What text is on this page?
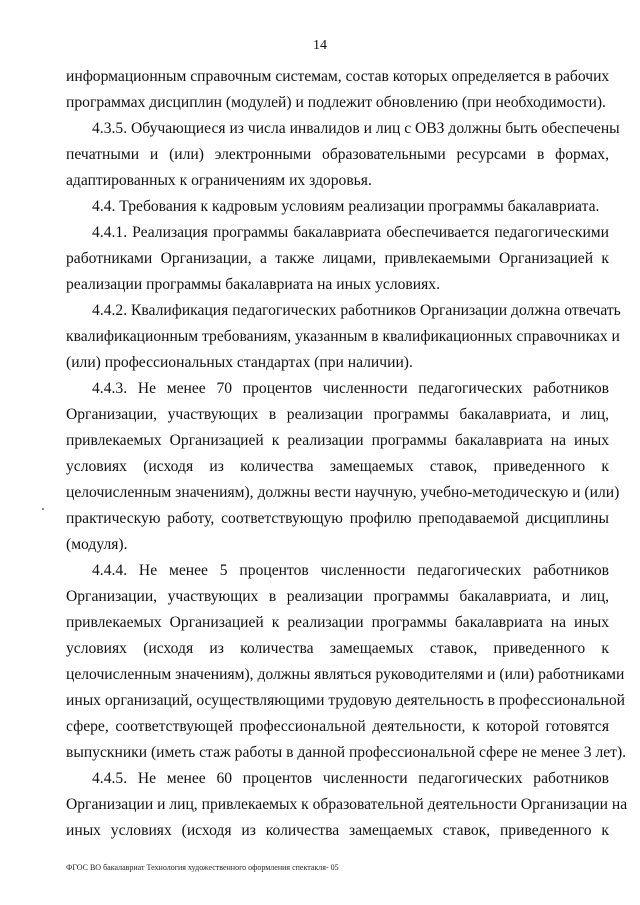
14
информационным справочным системам, состав которых определяется в рабочих
программах дисциплин (модулей) и подлежит обновлению (при необходимости).
4.3.5. Обучающиеся из числа инвалидов и лиц с ОВЗ должны быть обеспечены
печатными и (или) электронными образовательными ресурсами в формах,
адаптированных к ограничениям их здоровья.
4.4. Требования к кадровым условиям реализации программы бакалавриата.
4.4.1. Реализация программы бакалавриата обеспечивается педагогическими
работниками Организации, а также лицами, привлекаемыми Организацией к
реализации программы бакалавриата на иных условиях.
4.4.2. Квалификация педагогических работников Организации должна отвечать
квалификационным требованиям, указанным в квалификационных справочниках и
(или) профессиональных стандартах (при наличии).
4.4.3. Не менее 70 процентов численности педагогических работников
Организации, участвующих в реализации программы бакалавриата, и лиц,
привлекаемых Организацией к реализации программы бакалавриата на иных
условиях (исходя из количества замещаемых ставок, приведенного к
целочисленным значениям), должны вести научную, учебно-методическую и (или)
практическую работу, соответствующую профилю преподаваемой дисциплины
(модуля).
4.4.4. Не менее 5 процентов численности педагогических работников
Организации, участвующих в реализации программы бакалавриата, и лиц,
привлекаемых Организацией к реализации программы бакалавриата на иных
условиях (исходя из количества замещаемых ставок, приведенного к
целочисленным значениям), должны являться руководителями и (или) работниками
иных организаций, осуществляющими трудовую деятельность в профессиональной
сфере, соответствующей профессиональной деятельности, к которой готовятся
выпускники (иметь стаж работы в данной профессиональной сфере не менее 3 лет).
4.4.5. Не менее 60 процентов численности педагогических работников
Организации и лиц, привлекаемых к образовательной деятельности Организации на
иных условиях (исходя из количества замещаемых ставок, приведенного к
ФГОС ВО бакалавриат Технология художественного оформления спектакля- 05
